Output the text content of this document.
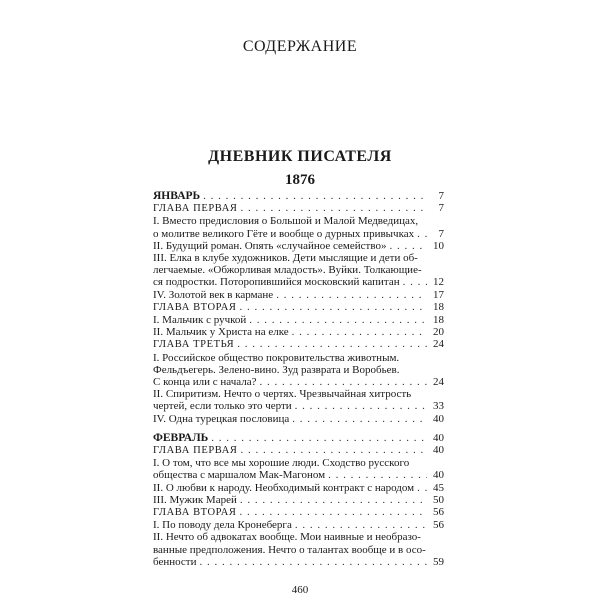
СОДЕРЖАНИЕ
ДНЕВНИК ПИСАТЕЛЯ
1876
ЯНВАРЬ . . .	7
ГЛАВА ПЕРВАЯ . . .	7
I. Вместо предисловия о Большой и Малой Медведицах,
о молитве великого Гёте и вообще о дурных привычках . . .	7
II. Будущий роман. Опять «случайное семейство» . . .	10
III. Елка в клубе художников. Дети мыслящие и дети об-
легчаемые. «Обжорливая младость». Вуйки. Толкающие-
ся подростки. Поторопившийся московский капитан . . .	12
IV. Золотой век в кармане . . .	17
ГЛАВА ВТОРАЯ . . .	18
I. Мальчик с ручкой . . .	18
II. Мальчик у Христа на елке . . .	20
ГЛАВА ТРЕТЬЯ . . .	24
I. Российское общество покровительства животным.
Фельдъегерь. Зелено-вино. Зуд разврата и Воробьев.
С конца или с начала? . . .	24
II. Спиритизм. Нечто о чертях. Чрезвычайная хитрость
чертей, если только это черти . . .	33
IV. Одна турецкая пословица . . .	40
ФЕВРАЛЬ . . .	40
ГЛАВА ПЕРВАЯ . . .	40
I. О том, что все мы хорошие люди. Сходство русского
общества с маршалом Мак-Магоном . . .	40
II. О любви к народу. Необходимый контракт с народом . . . 45
III. Мужик Марей . . .	50
ГЛАВА ВТОРАЯ . . .	56
I. По поводу дела Кронеберга . . .	56
II. Нечто об адвокатах вообще. Мои наивные и необразо-
ванные предположения. Нечто о талантах вообще и в осо-
бенности . . .	59
460
